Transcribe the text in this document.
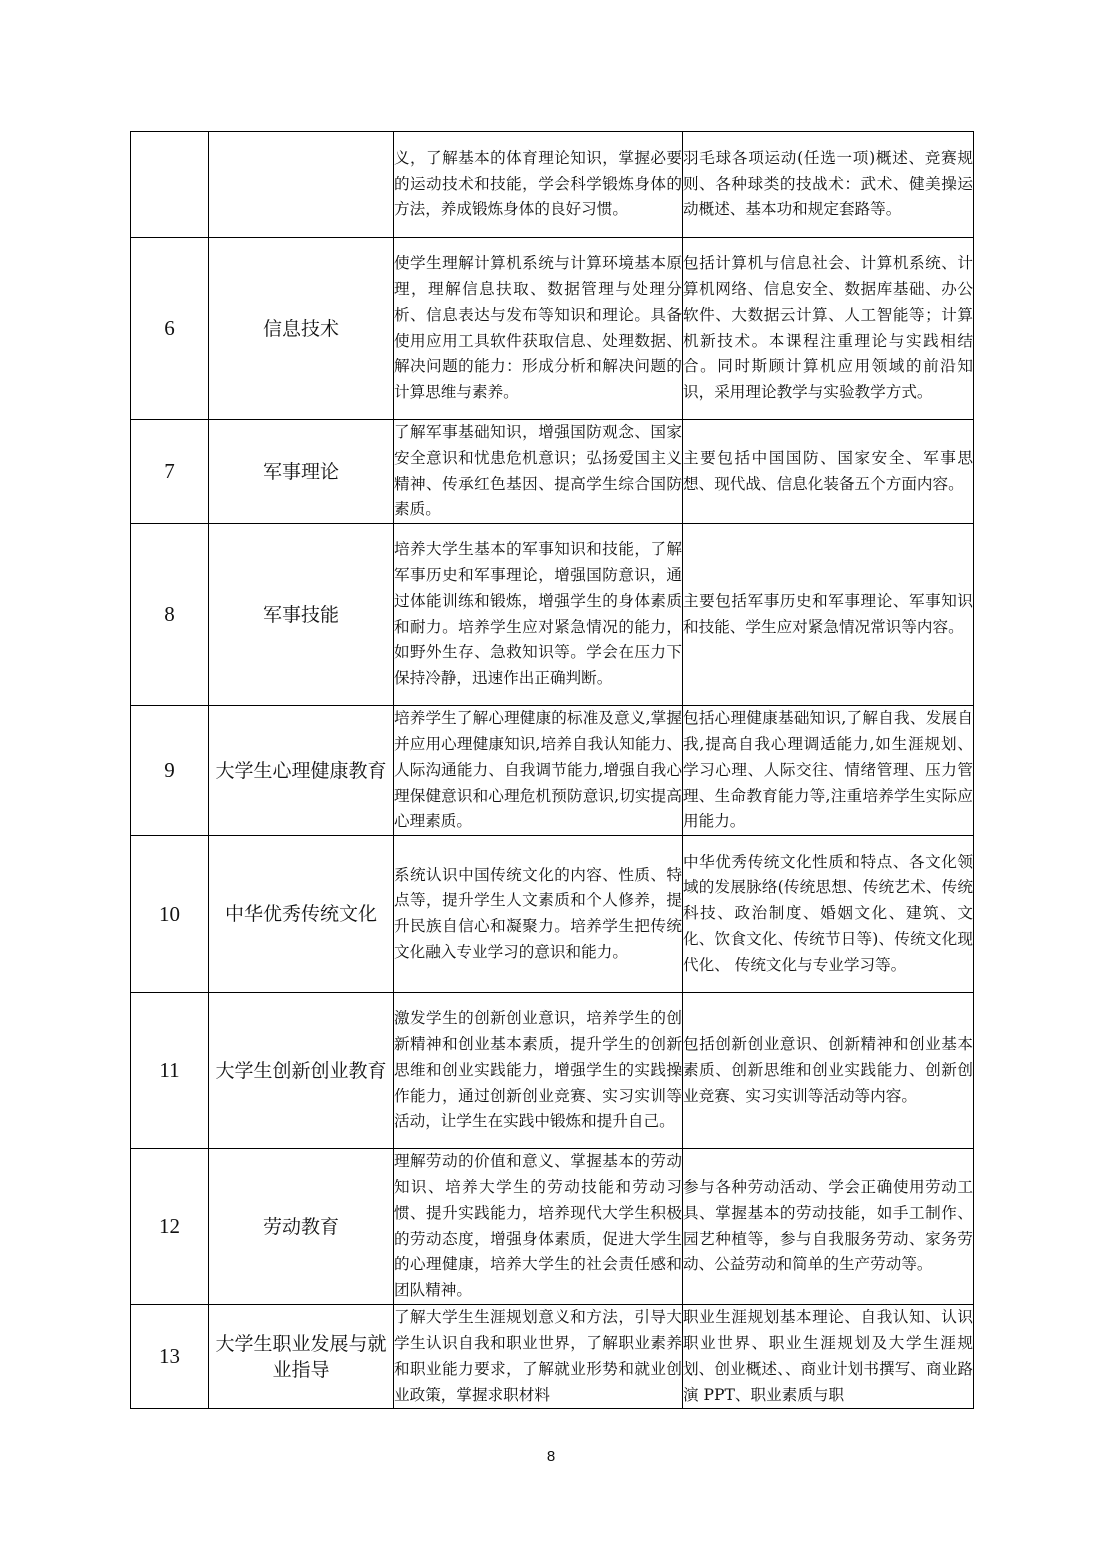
		义，了解基本的体育理论知识，掌握必要的运动技术和技能，学会科学锻炼身体的方法，养成锻炼身体的良好习惯。	羽毛球各项运动(任选一项)概述、竞赛规则、各种球类的技战术：武术、健美操运动概述、基本功和规定套路等。
6	信息技术	使学生理解计算机系统与计算环境基本原理，理解信息扶取、数据管理与处理分析、信息表达与发布等知识和理论。具备使用应用工具软件获取信息、处理数据、解决问题的能力：形成分析和解决问题的计算思维与素养。	包括计算机与信息社会、计算机系统、计算机网络、信息安全、数据库基础、办公软件、大数据云计算、人工智能等；计算机新技术。本课程注重理论与实践相结合。同时斯顾计算机应用领域的前沿知识，采用理论教学与实验教学方式。
7	军事理论	了解军事基础知识，增强国防观念、国家安全意识和忧患危机意识；弘扬爱国主义精神、传承红色基因、提高学生综合国防素质。	主要包括中国国防、国家安全、军事思想、现代战、信息化装备五个方面内容。
8	军事技能	培养大学生基本的军事知识和技能，了解军事历史和军事理论，增强国防意识，通过体能训练和锻炼，增强学生的身体素质和耐力。培养学生应对紧急情况的能力，如野外生存、急救知识等。学会在压力下保持冷静，迅速作出正确判断。	主要包括军事历史和军事理论、军事知识和技能、学生应对紧急情况常识等内容。
9	大学生心理健康教育	培养学生了解心理健康的标准及意义,掌握并应用心理健康知识,培养自我认知能力、人际沟通能力、自我调节能力,增强自我心理保健意识和心理危机预防意识,切实提高心理素质。	包括心理健康基础知识,了解自我、发展自我,提高自我心理调适能力,如生涯规划、学习心理、人际交往、情绪管理、压力管理、生命教育能力等,注重培养学生实际应用能力。
10	中华优秀传统文化	系统认识中国传统文化的内容、性质、特点等，提升学生人文素质和个人修养，提升民族自信心和凝聚力。培养学生把传统文化融入专业学习的意识和能力。	中华优秀传统文化性质和特点、各文化领域的发展脉络(传统思想、传统艺术、传统科技、政治制度、婚姻文化、建筑、文化、饮食文化、传统节日等)、传统文化现代化、 传统文化与专业学习等。
11	大学生创新创业教育	激发学生的创新创业意识，培养学生的创新精神和创业基本素质，提升学生的创新思维和创业实践能力，增强学生的实践操作能力，通过创新创业竞赛、实习实训等活动，让学生在实践中锻炼和提升自己。	包括创新创业意识、创新精神和创业基本素质、创新思维和创业实践能力、创新创业竞赛、实习实训等活动等内容。
12	劳动教育	理解劳动的价值和意义、掌握基本的劳动知识、培养大学生的劳动技能和劳动习惯、提升实践能力，培养现代大学生积极的劳动态度，增强身体素质，促进大学生的心理健康，培养大学生的社会责任感和团队精神。	参与各种劳动活动、学会正确使用劳动工具、掌握基本的劳动技能，如手工制作、园艺种植等，参与自我服务劳动、家务劳动、公益劳动和简单的生产劳动等。
13	大学生职业发展与就业指导	了解大学生生涯规划意义和方法，引导大学生认识自我和职业世界，了解职业素养和职业能力要求，了解就业形势和就业创业政策，掌握求职材料	职业生涯规划基本理论、自我认知、认识职业世界、职业生涯规划及大学生涯规划、创业概述、、商业计划书撰写、商业路演 PPT、职业素质与职
8
